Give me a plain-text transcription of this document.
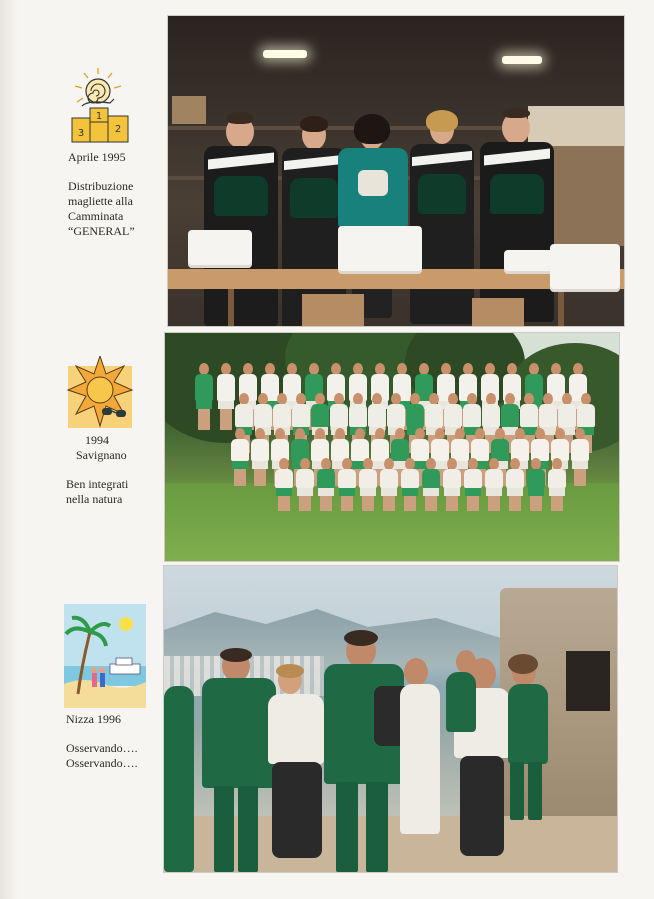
1
3	2
Aprile 1995
Distribuzione
magliette alla
Camminata
“GENERAL”
1994
Savignano
Ben integrati
nella natura
Nizza 1996
Osservando….
Osservando….
